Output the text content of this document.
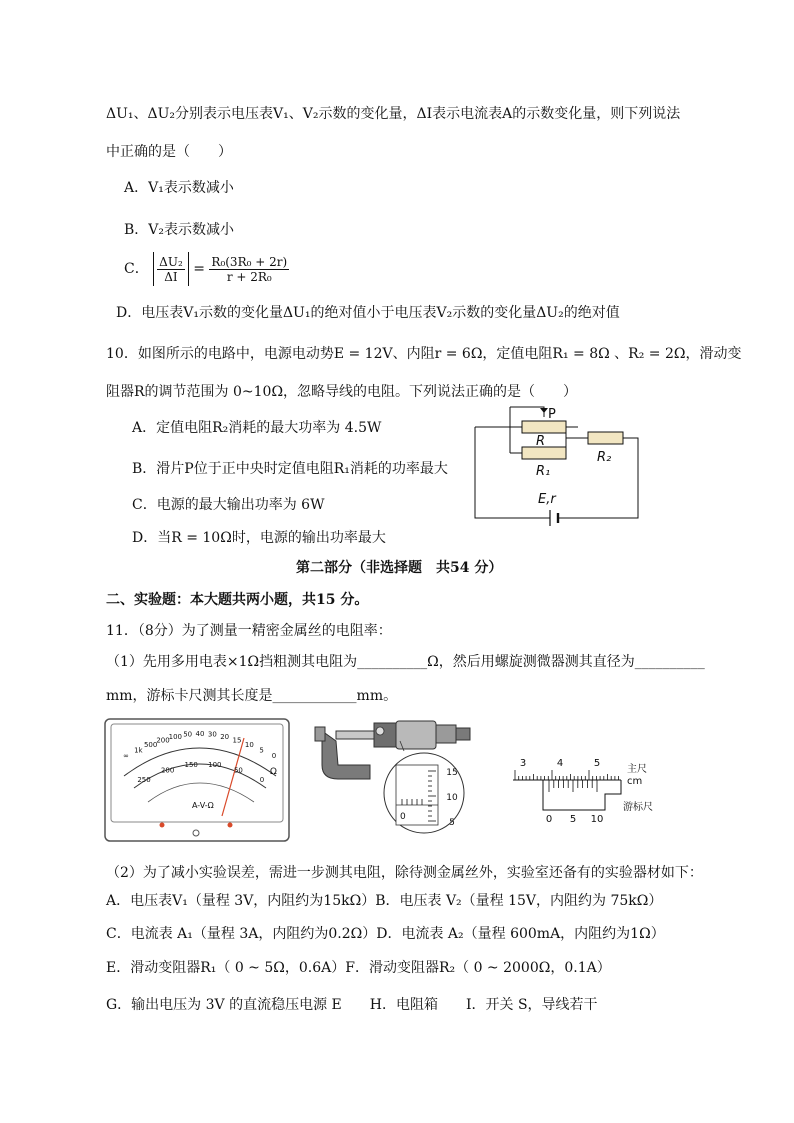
ΔU₁、ΔU₂分别表示电压表V₁、V₂示数的变化量，ΔI表示电流表A的示数变化量，则下列说法
中正确的是（　　）
A．V₁表示数减小
B．V₂表示数减小
C． $\frac{\text{ΔU₂}}{\Delta I} = \frac{\text{R₀(3R₀ + 2r)}}{\text{r + 2R₀}}$
D．电压表V₁示数的变化量ΔU₁的绝对值小于电压表V₂示数的变化量ΔU₂的绝对值
10．如图所示的电路中，电源电动势E = 12V、内阻r = 6Ω，定值电阻R₁ = 8Ω 、R₂ = 2Ω，滑动变
阻器R的调节范围为 0~10Ω，忽略导线的电阻。下列说法正确的是（　　）
A．定值电阻R₂消耗的最大功率为 4.5W
B．滑片P位于正中央时定值电阻R₁消耗的功率最大
C．电源的最大输出功率为 6W
D．当R = 10Ω时，电源的输出功率最大
P
R
R₁
R₂
E,r
第二部分（非选择题　共54 分）
二、实验题：本大题共两小题，共15 分。
11．（8分）为了测量一精密金属丝的电阻率：
（1）先用多用电表×1Ω挡粗测其电阻为__________Ω，然后用螺旋测微器测其直径为__________
mm，游标卡尺测其长度是____________mm。
∞
1k
500
200
100 50 40 30 20 15
10
5
0
250
200
150 100
50
0
A-V-Ω
Ω	15
10
5
0
3	4	5
0 5 10
cm
主尺
游标尺
（2）为了减小实验误差，需进一步测其电阻，除待测金属丝外，实验室还备有的实验器材如下：
A．电压表V₁（量程 3V，内阻约为15kΩ）B．电压表 V₂（量程 15V，内阻约为 75kΩ）
C．电流表 A₁（量程 3A，内阻约为0.2Ω）D．电流表 A₂（量程 600mA，内阻约为1Ω）
E．滑动变阻器R₁（ 0 ~ 5Ω，0.6A）F．滑动变阻器R₂（ 0 ~ 2000Ω，0.1A）
G．输出电压为 3V 的直流稳压电源 E　　H．电阻箱　　I．开关 S，导线若干
